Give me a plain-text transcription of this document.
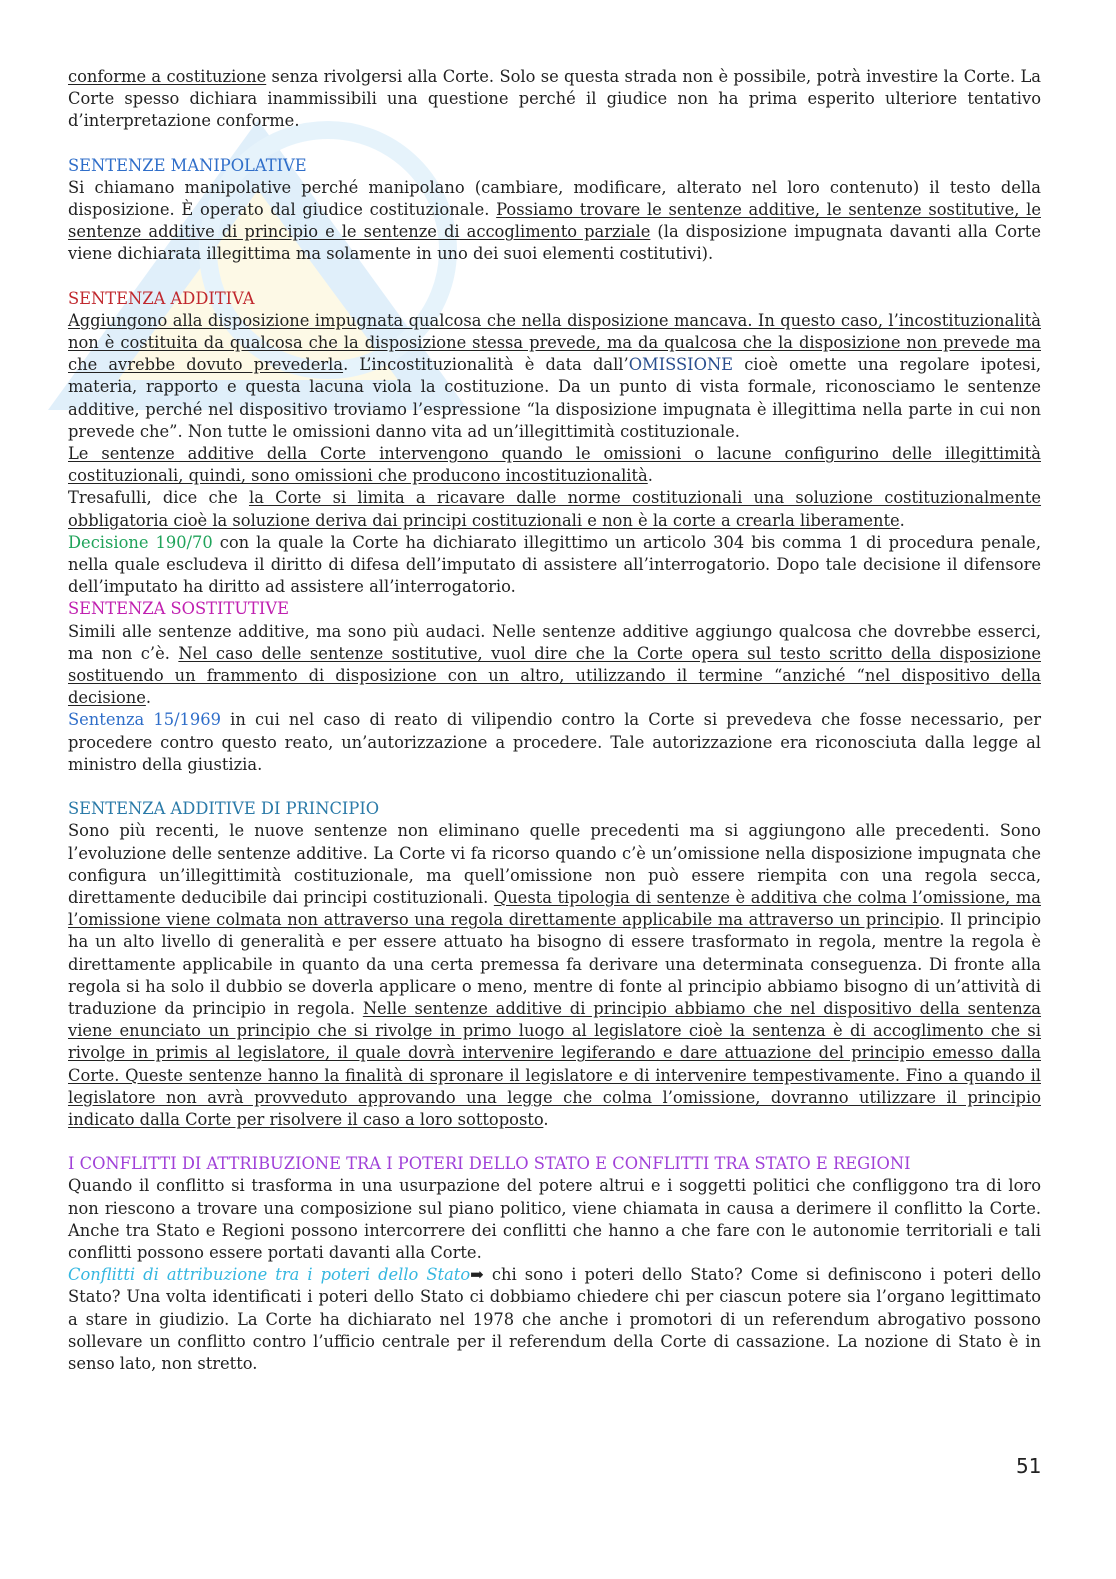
conforme a costituzione senza rivolgersi alla Corte. Solo se questa strada non è possibile, potrà investire la Corte. La Corte spesso dichiara inammissibili una questione perché il giudice non ha prima esperito ulteriore tentativo d’interpretazione conforme.

SENTENZE MANIPOLATIVE

Si chiamano manipolative perché manipolano (cambiare, modificare, alterato nel loro contenuto) il testo della disposizione. È operato dal giudice costituzionale. Possiamo trovare le sentenze additive, le sentenze sostitutive, le sentenze additive di principio e le sentenze di accoglimento parziale (la disposizione impugnata davanti alla Corte viene dichiarata illegittima ma solamente in uno dei suoi elementi costitutivi).

SENTENZA ADDITIVA

Aggiungono alla disposizione impugnata qualcosa che nella disposizione mancava. In questo caso, l’incostituzionalità non è costituita da qualcosa che la disposizione stessa prevede, ma da qualcosa che la disposizione non prevede ma che avrebbe dovuto prevederla. L’incostituzionalità è data dall’OMISSIONE cioè omette una regolare ipotesi, materia, rapporto e questa lacuna viola la costituzione. Da un punto di vista formale, riconosciamo le sentenze additive, perché nel dispositivo troviamo l’espressione “la disposizione impugnata è illegittima nella parte in cui non prevede che”. Non tutte le omissioni danno vita ad un’illegittimità costituzionale.

Le sentenze additive della Corte intervengono quando le omissioni o lacune configurino delle illegittimità costituzionali, quindi, sono omissioni che producono incostituzionalità.

Tresafulli, dice che la Corte si limita a ricavare dalle norme costituzionali una soluzione costituzionalmente obbligatoria cioè la soluzione deriva dai principi costituzionali e non è la corte a crearla liberamente.

Decisione 190/70 con la quale la Corte ha dichiarato illegittimo un articolo 304 bis comma 1 di procedura penale, nella quale escludeva il diritto di difesa dell’imputato di assistere all’interrogatorio. Dopo tale decisione il difensore dell’imputato ha diritto ad assistere all’interrogatorio.

SENTENZA SOSTITUTIVE

Simili alle sentenze additive, ma sono più audaci. Nelle sentenze additive aggiungo qualcosa che dovrebbe esserci, ma non c’è. Nel caso delle sentenze sostitutive, vuol dire che la Corte opera sul testo scritto della disposizione sostituendo un frammento di disposizione con un altro, utilizzando il termine “anziché “nel dispositivo della decisione.

Sentenza 15/1969 in cui nel caso di reato di vilipendio contro la Corte si prevedeva che fosse necessario, per procedere contro questo reato, un’autorizzazione a procedere. Tale autorizzazione era riconosciuta dalla legge al ministro della giustizia.

SENTENZA ADDITIVE DI PRINCIPIO

Sono più recenti, le nuove sentenze non eliminano quelle precedenti ma si aggiungono alle precedenti. Sono l’evoluzione delle sentenze additive. La Corte vi fa ricorso quando c’è un’omissione nella disposizione impugnata che configura un’illegittimità costituzionale, ma quell’omissione non può essere riempita con una regola secca, direttamente deducibile dai principi costituzionali. Questa tipologia di sentenze è additiva che colma l’omissione, ma l’omissione viene colmata non attraverso una regola direttamente applicabile ma attraverso un principio. Il principio ha un alto livello di generalità e per essere attuato ha bisogno di essere trasformato in regola, mentre la regola è direttamente applicabile in quanto da una certa premessa fa derivare una determinata conseguenza. Di fronte alla regola si ha solo il dubbio se doverla applicare o meno, mentre di fonte al principio abbiamo bisogno di un’attività di traduzione da principio in regola. Nelle sentenze additive di principio abbiamo che nel dispositivo della sentenza viene enunciato un principio che si rivolge in primo luogo al legislatore cioè la sentenza è di accoglimento che si rivolge in primis al legislatore, il quale dovrà intervenire legiferando e dare attuazione del principio emesso dalla Corte. Queste sentenze hanno la finalità di spronare il legislatore e di intervenire tempestivamente. Fino a quando il legislatore non avrà provveduto approvando una legge che colma l’omissione, dovranno utilizzare il principio indicato dalla Corte per risolvere il caso a loro sottoposto.

I CONFLITTI DI ATTRIBUZIONE TRA I POTERI DELLO STATO E CONFLITTI TRA STATO E REGIONI

Quando il conflitto si trasforma in una usurpazione del potere altrui e i soggetti politici che confliggono tra di loro non riescono a trovare una composizione sul piano politico, viene chiamata in causa a derimere il conflitto la Corte. Anche tra Stato e Regioni possono intercorrere dei conflitti che hanno a che fare con le autonomie territoriali e tali conflitti possono essere portati davanti alla Corte.

Conflitti di attribuzione tra i poteri dello Stato➡ chi sono i poteri dello Stato? Come si definiscono i poteri dello Stato? Una volta identificati i poteri dello Stato ci dobbiamo chiedere chi per ciascun potere sia l’organo legittimato a stare in giudizio. La Corte ha dichiarato nel 1978 che anche i promotori di un referendum abrogativo possono sollevare un conflitto contro l’ufficio centrale per il referendum della Corte di cassazione. La nozione di Stato è in senso lato, non stretto.

51
